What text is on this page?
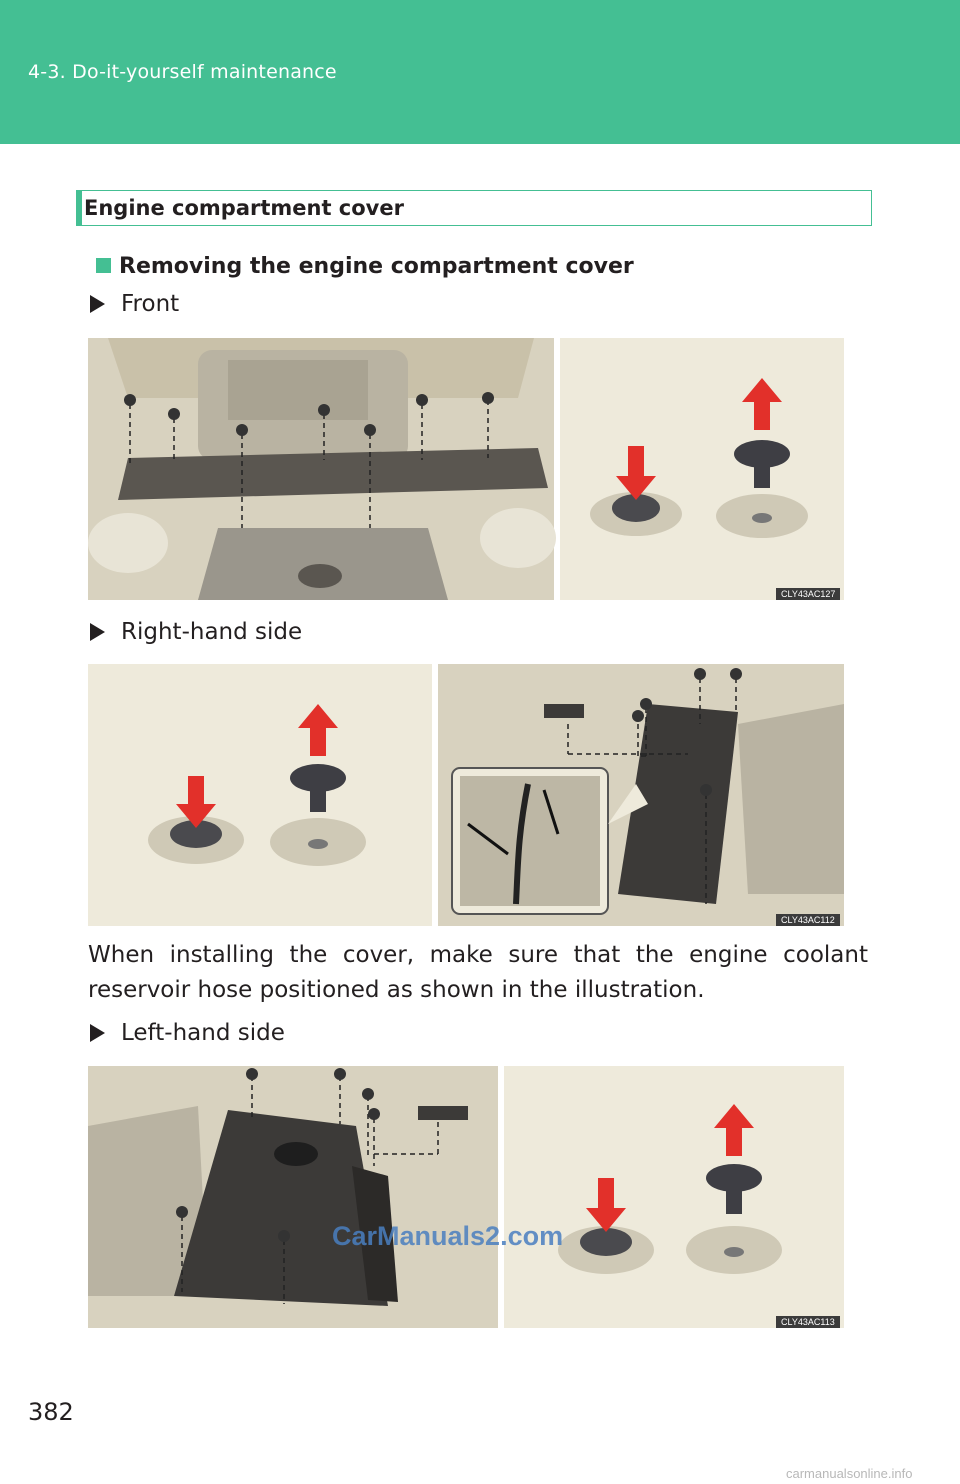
4-3. Do-it-yourself maintenance
Engine compartment cover
Removing the engine compartment cover
Front
CLY43AC127
Right-hand side
CLY43AC112
When installing the cover, make sure that the engine coolant reservoir hose positioned as shown in the illustration.
Left-hand side
CLY43AC113
CarManuals2.com
382
carmanualsonline.info
